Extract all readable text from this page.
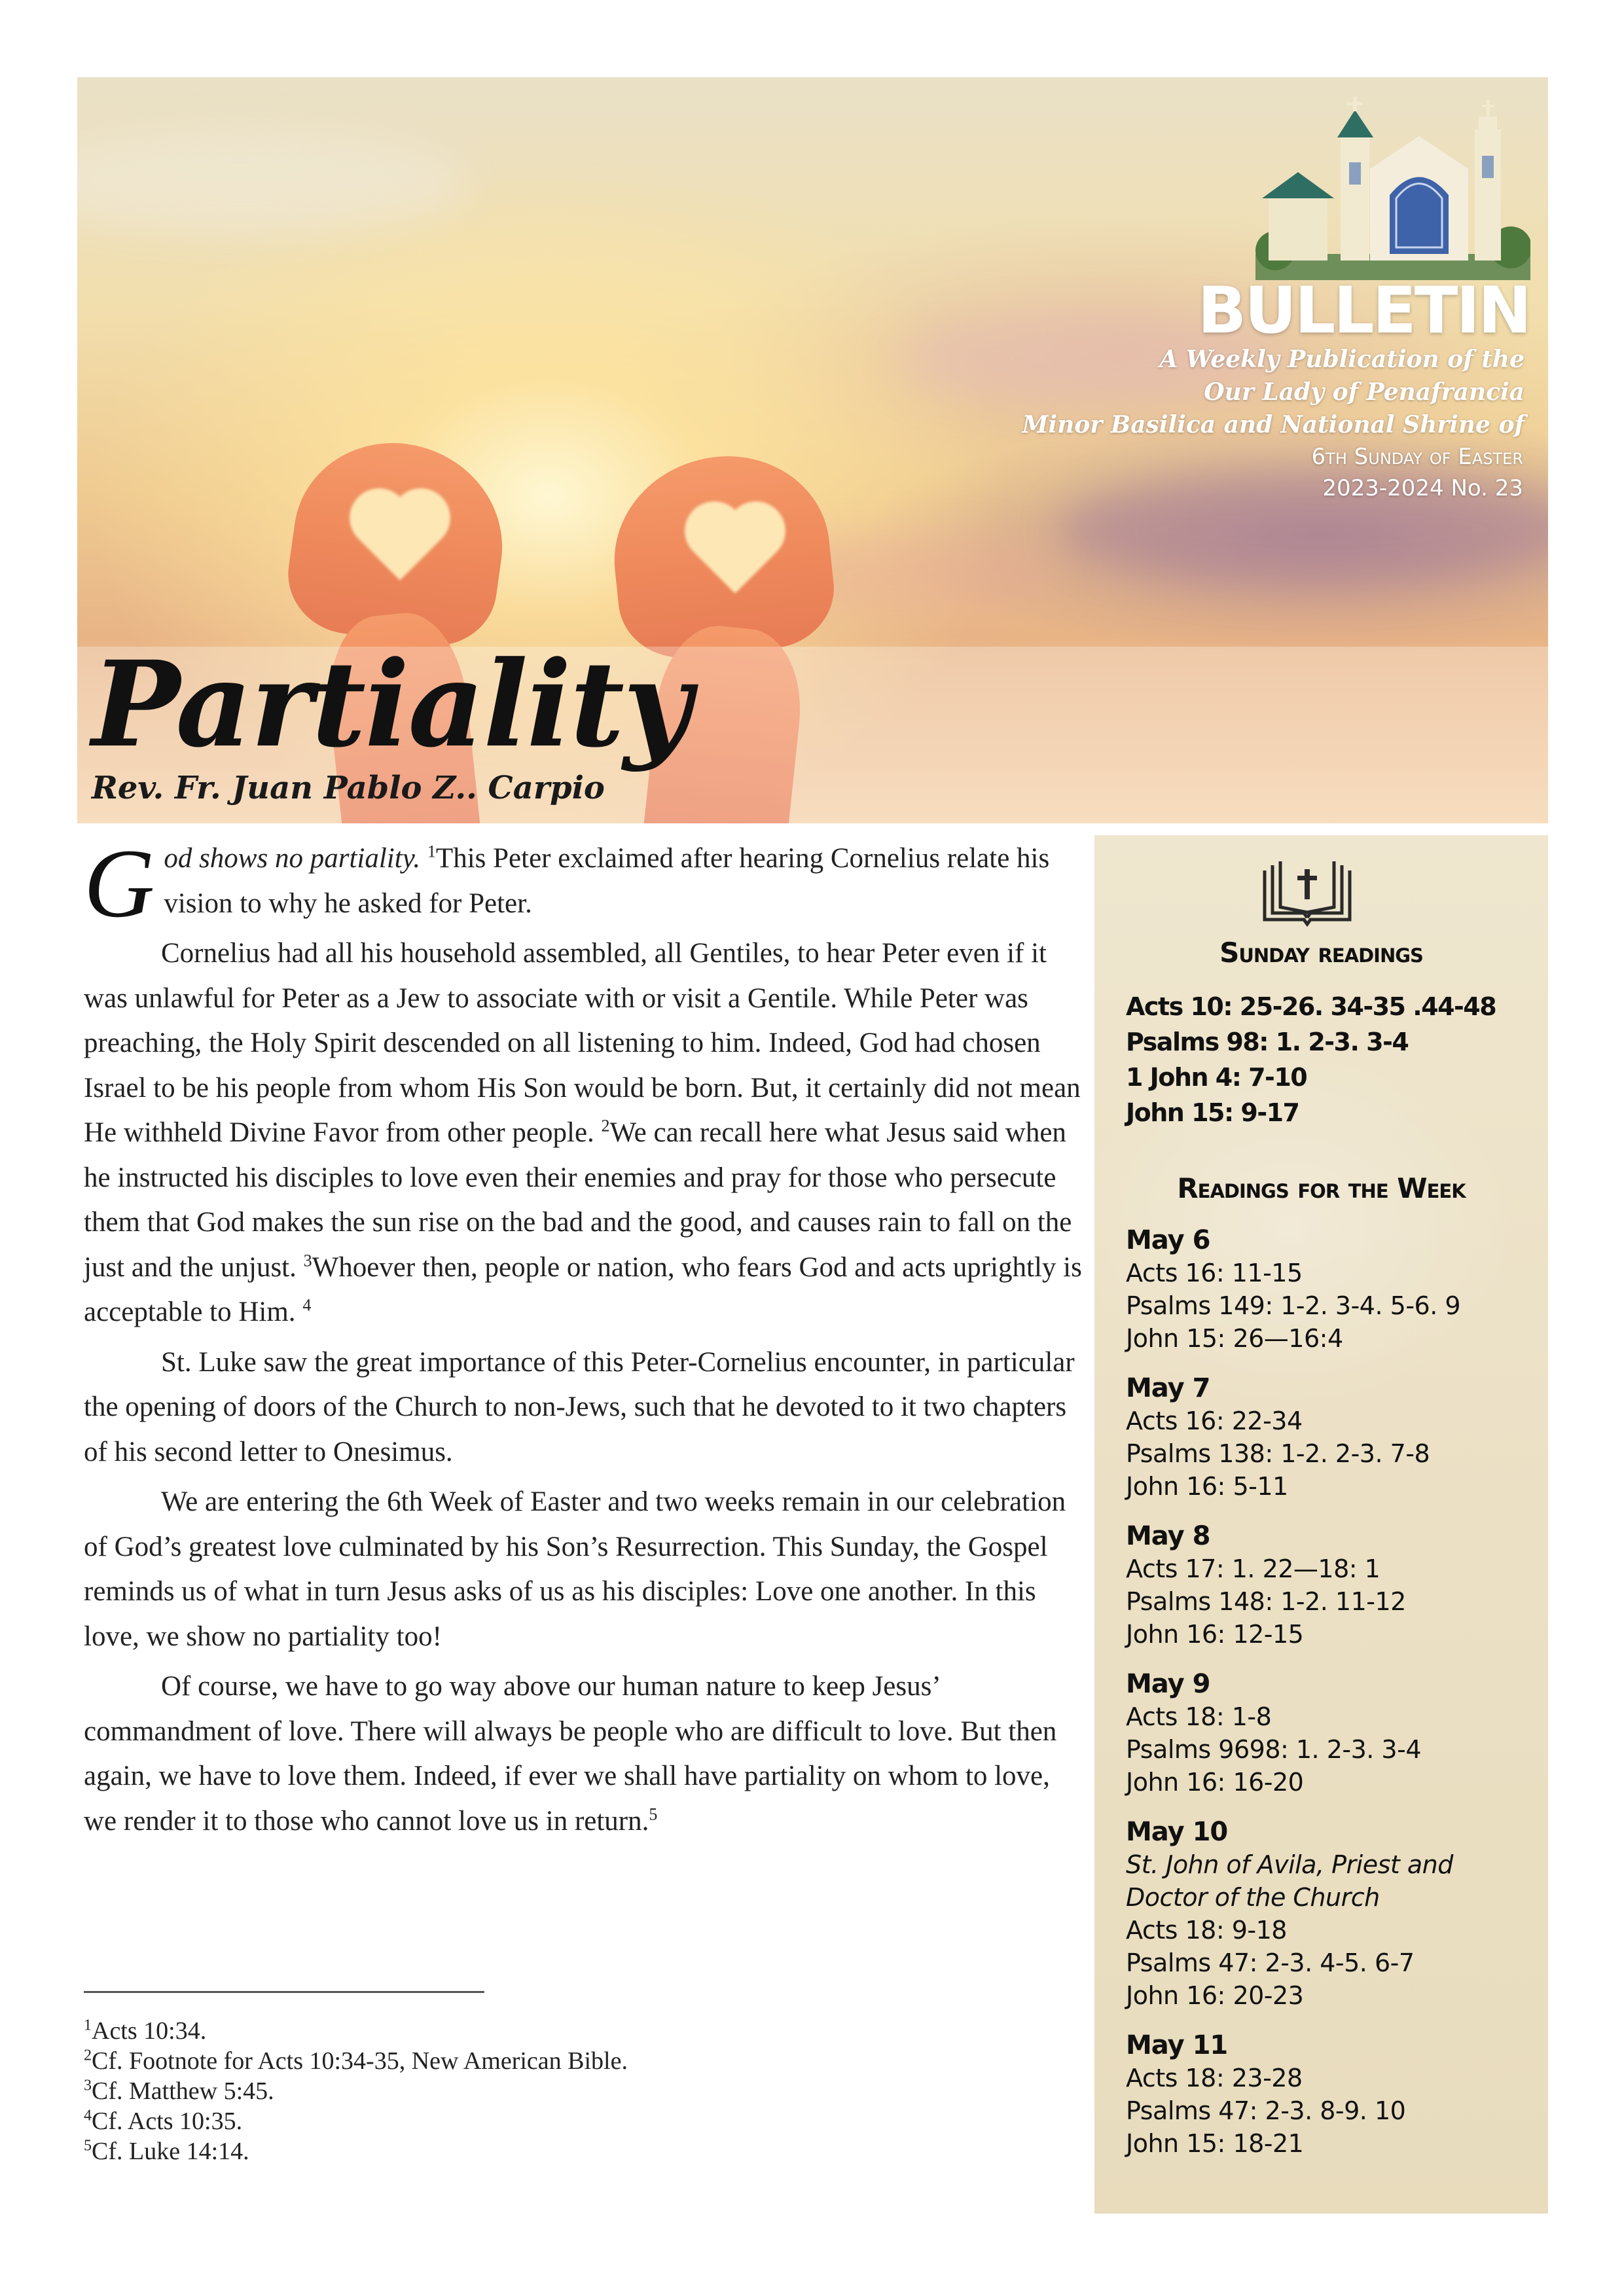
BULLETIN

A Weekly Publication of the

Our Lady of Penafrancia

Minor Basilica and National Shrine of

6th Sunday of Easter

2023-2024 No. 23

Partiality

Rev. Fr. Juan Pablo Z.. Carpio

God shows no partiality. $^1$This Peter exclaimed after hearing Cornelius relate his vision to why he asked for Peter.

Cornelius had all his household assembled, all Gentiles, to hear Peter even if it was unlawful for Peter as a Jew to associate with or visit a Gentile. While Peter was preaching, the Holy Spirit descended on all listening to him. Indeed, God had chosen Israel to be his people from whom His Son would be born. But, it certainly did not mean He withheld Divine Favor from other people. $^2$We can recall here what Jesus said when he instructed his disciples to love even their enemies and pray for those who persecute them that God makes the sun rise on the bad and the good, and causes rain to fall on the just and the unjust. $^3$Whoever then, people or nation, who fears God and acts uprightly is acceptable to Him. $^4$

St. Luke saw the great importance of this Peter-Cornelius encounter, in particular the opening of doors of the Church to non-Jews, such that he devoted to it two chapters of his second letter to Onesimus.

We are entering the 6th Week of Easter and two weeks remain in our celebration of God’s greatest love culminated by his Son’s Resurrection. This Sunday, the Gospel reminds us of what in turn Jesus asks of us as his disciples: Love one another. In this love, we show no partiality too!

Of course, we have to go way above our human nature to keep Jesus’ commandment of love. There will always be people who are difficult to love. But then again, we have to love them. Indeed, if ever we shall have partiality on whom to love, we render it to those who cannot love us in return.$^5$

$^1$Acts 10:34.
$^2$Cf. Footnote for Acts 10:34-35, New American Bible.
$^3$Cf. Matthew 5:45.
$^4$Cf. Acts 10:35.
$^5$Cf. Luke 14:14.
Sunday readings
Acts 10: 25-26. 34-35 .44-48
Psalms 98: 1. 2-3. 3-4
1 John 4: 7-10
John 15: 9-17
Readings for the Week
May 6
Acts 16: 11-15
Psalms 149: 1-2. 3-4. 5-6. 9
John 15: 26—16:4
May 7
Acts 16: 22-34
Psalms 138: 1-2. 2-3. 7-8
John 16: 5-11
May 8
Acts 17: 1. 22—18: 1
Psalms 148: 1-2. 11-12
John 16: 12-15
May 9
Acts 18: 1-8
Psalms 9698: 1. 2-3. 3-4
John 16: 16-20
May 10
St. John of Avila, Priest and Doctor of the Church
Acts 18: 9-18
Psalms 47: 2-3. 4-5. 6-7
John 16: 20-23
May 11
Acts 18: 23-28
Psalms 47: 2-3. 8-9. 10
John 15: 18-21
